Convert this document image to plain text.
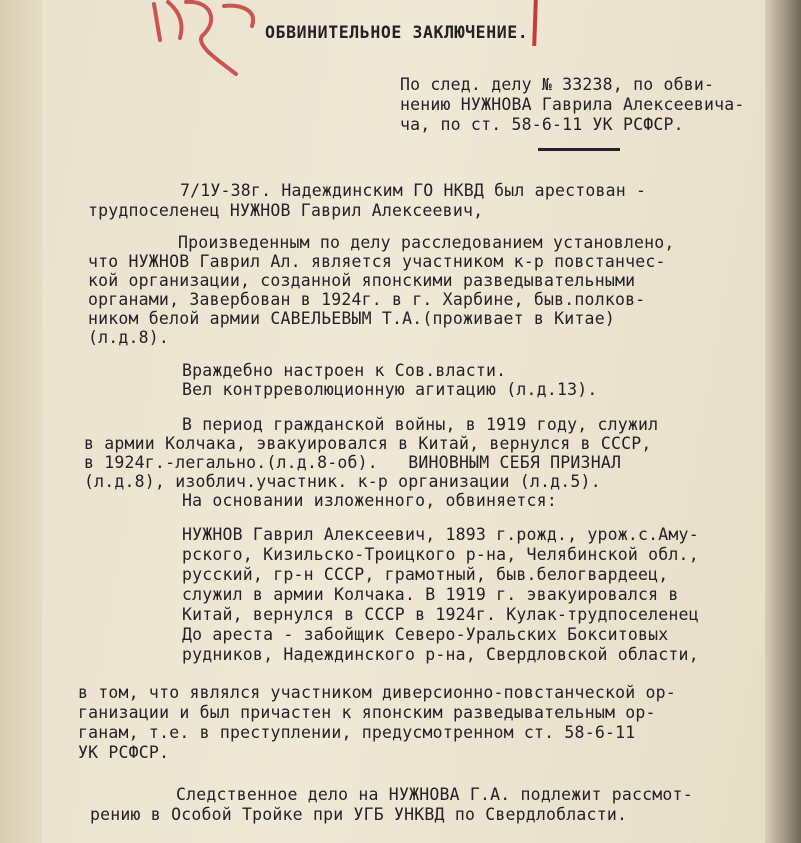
ОБВИНИТЕЛЬНОЕ ЗАКЛЮЧЕНИЕ.

По след. делу № 33238, по обви-

нению НУЖНОВА Гаврила Алексеевича-

ча, по ст. 58-6-11 УК РСФСР.

7/1У-38г. Надеждинским ГО НКВД был арестован -

трудпоселенец НУЖНОВ Гаврил Алексеевич,

Произведенным по делу расследованием установлено,

что НУЖНОВ Гаврил Ал. является участником к-р повстанчес-

кой организации, созданной японскими разведывательными

органами, Завербован в 1924г. в г. Харбине, быв.полков-

ником белой армии САВЕЛЬЕВЫМ Т.А.(проживает в Китае)

(л.д.8).

Враждебно настроен к Сов.власти.

Вел контрреволюционную агитацию (л.д.13).

В период гражданской войны, в 1919 году, служил

в армии Колчака, эвакуировался в Китай, вернулся в СССР,

в 1924г.-легально.(л.д.8-об).   ВИНОВНЫМ СЕБЯ ПРИЗНАЛ

(л.д.8), изоблич.участник. к-р организации (л.д.5).

На основании изложенного, обвиняется:

НУЖНОВ Гаврил Алексеевич, 1893 г.рожд., урож.с.Аму-

рского, Кизильско-Троицкого р-на, Челябинской обл.,

русский, гр-н СССР, грамотный, быв.белогвардеец,

служил в армии Колчака. В 1919 г. эвакуировался в

Китай, вернулся в СССР в 1924г. Кулак-трудпоселенец

До ареста - забойщик Северо-Уральских Бокситовых

рудников, Надеждинского р-на, Свердловской области,

в том, что являлся участником диверсионно-повстанческой ор-

ганизации и был причастен к японским разведывательным ор-

ганам, т.е. в преступлении, предусмотренном ст. 58-6-11

УК РСФСР.

Следственное дело на НУЖНОВА Г.А. подлежит рассмот-

рению в Особой Тройке при УГБ УНКВД по Свердлобласти.
